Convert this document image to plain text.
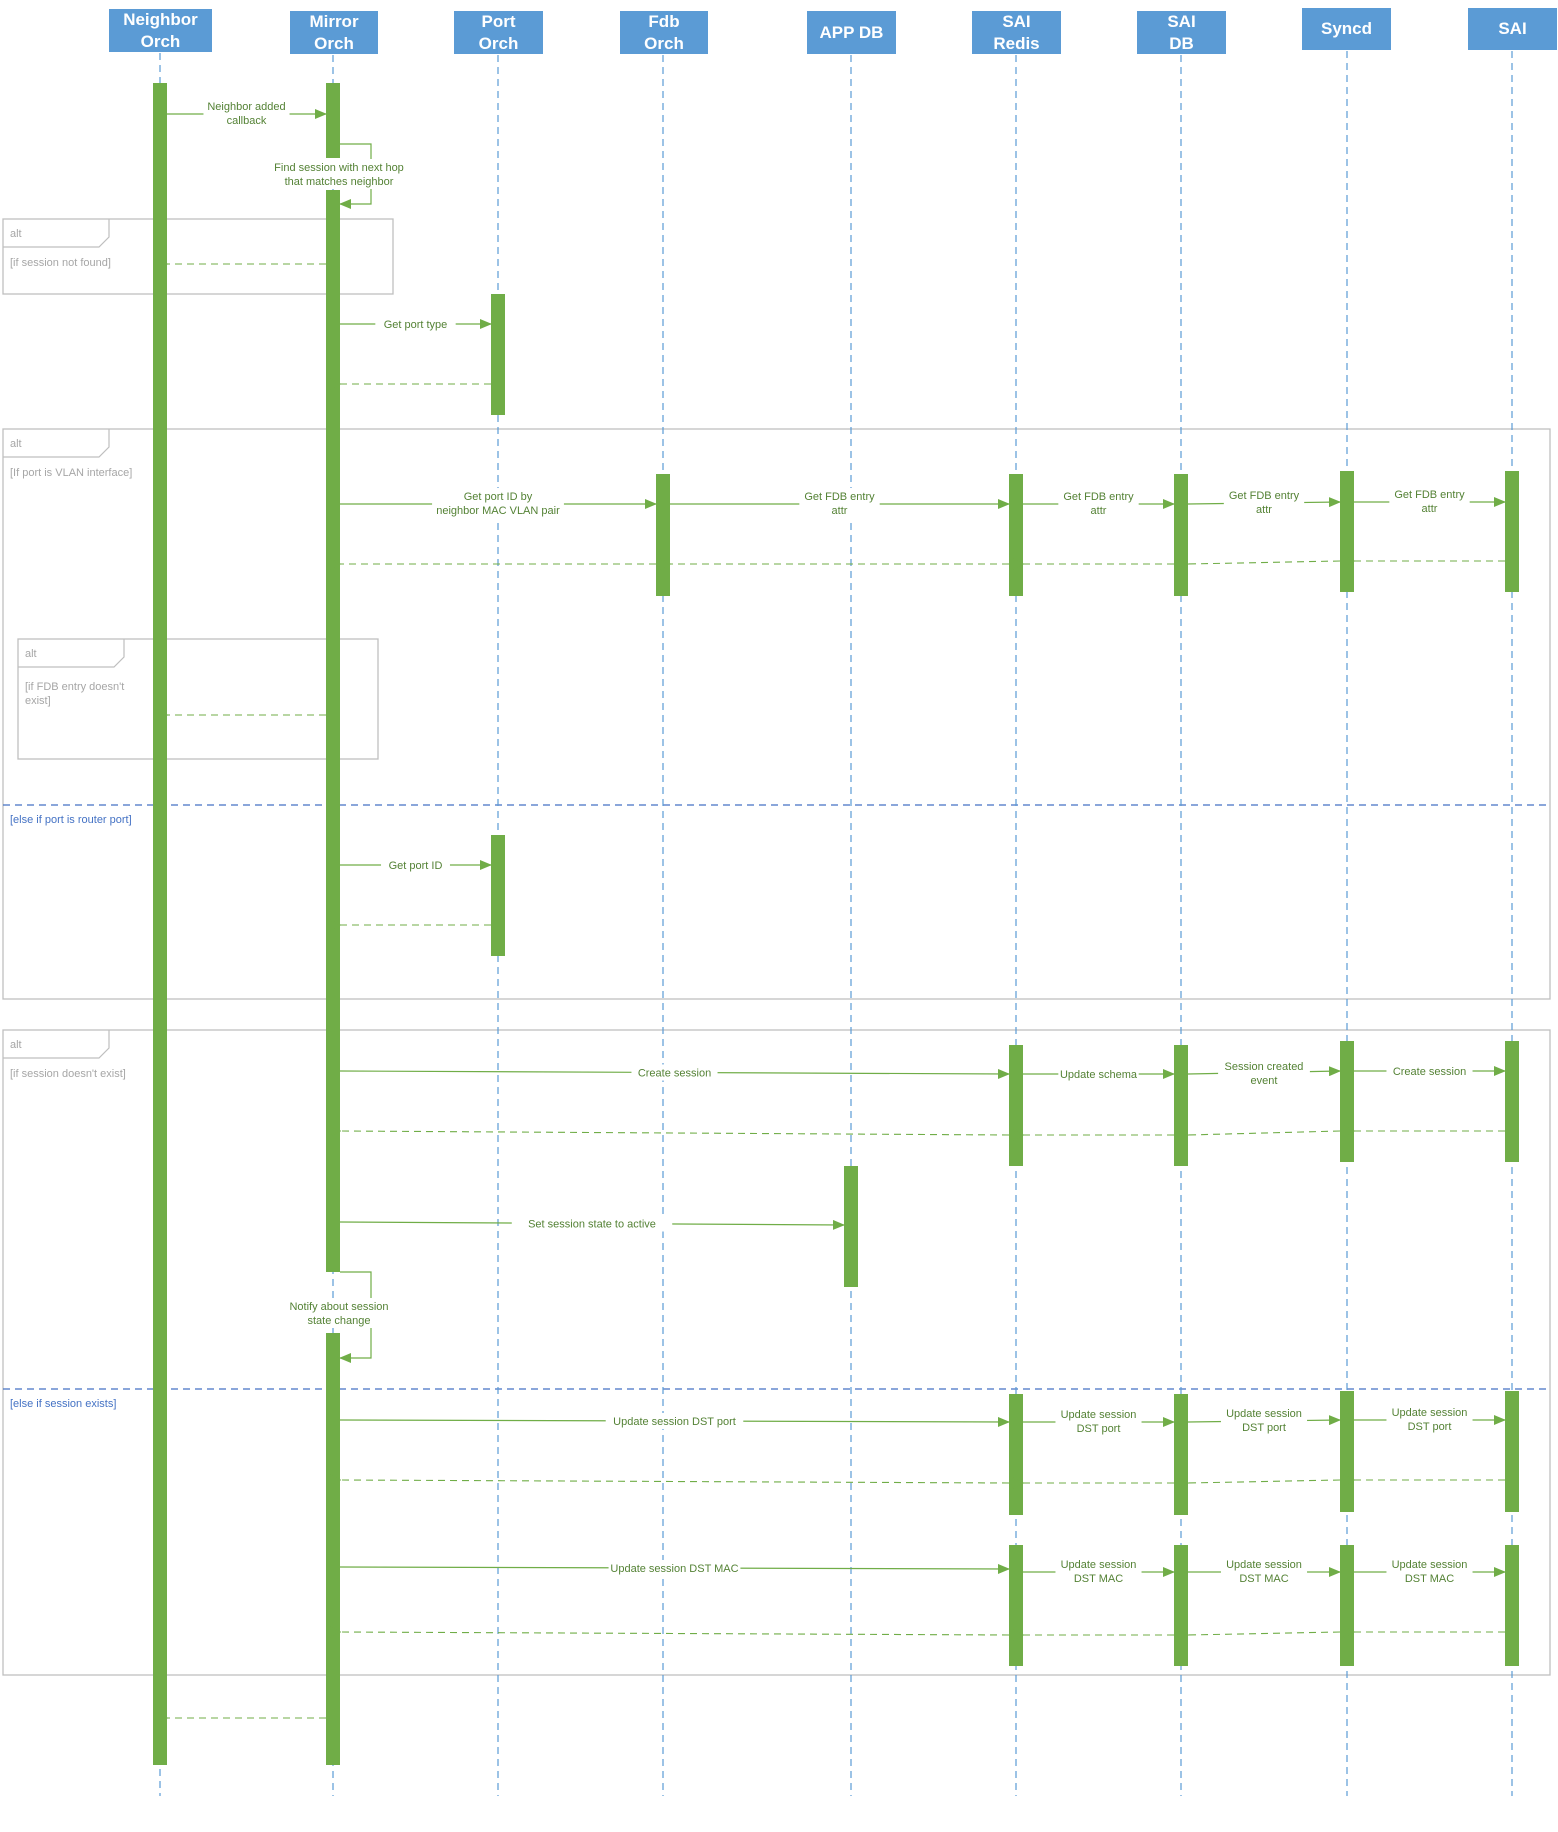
alt
[if session not found]
alt
[If port is VLAN interface]
[else if port is router port]
alt
[if FDB entry doesn't exist]
alt
[if session doesn't exist]
[else if session exists]
Neighbor added callback
Find session with next hop that matches neighbor
Get port type
Get port ID by neighbor MAC VLAN pair
Get FDB entry attr
Get FDB entry attr
Get FDB entry attr
Get FDB entry attr
Get port ID
Create session	Update schema
Session created event
Create session
Set session state to active
Notify about session state change
Update session DST port
Update session DST port
Update session DST port
Update session DST port
Update session DST MAC	Update session DST MAC
Update session DST MAC
Update session DST MAC
Neighbor
Orch
Mirror
Orch
Port
Orch
Fdb
Orch
APP DB
SAI
Redis
SAI
DB
Syncd	SAI
